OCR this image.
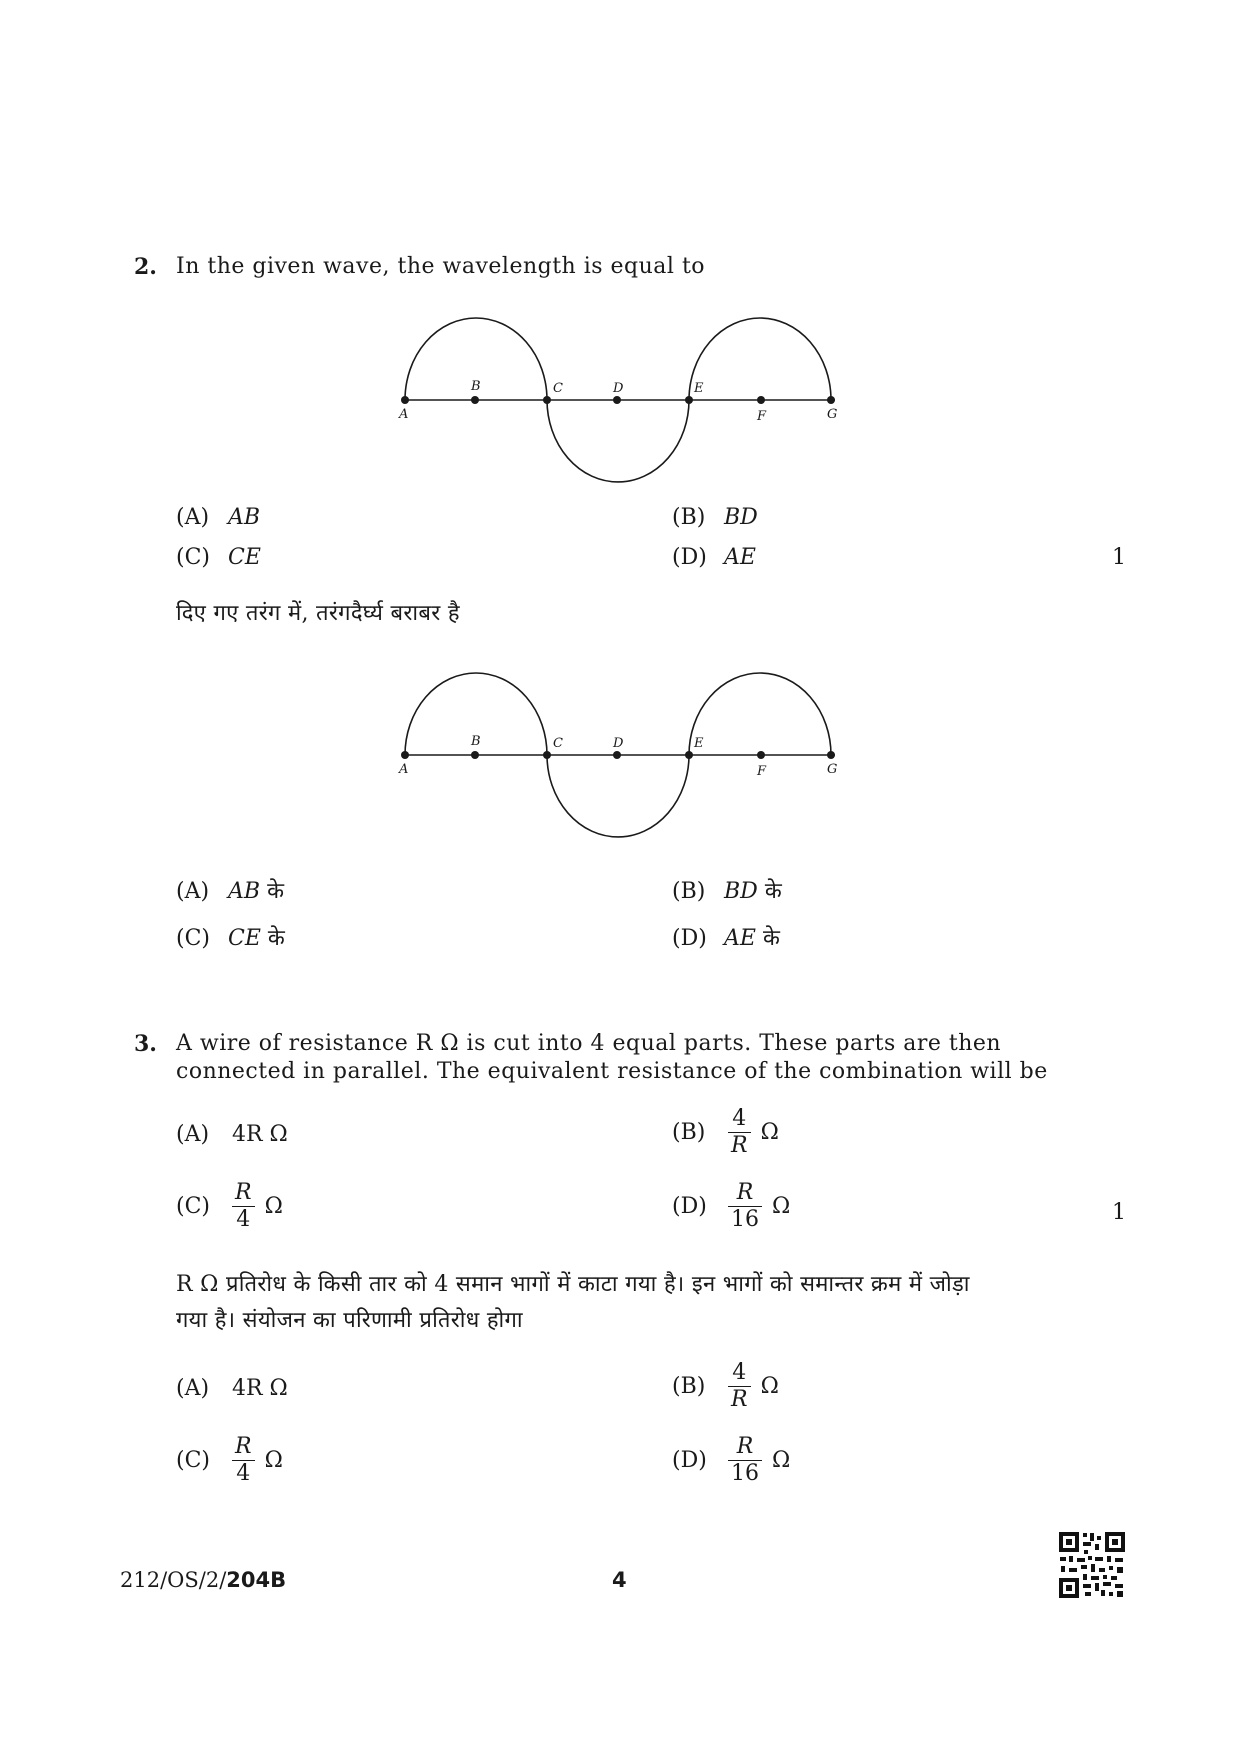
2. In the given wave, the wavelength is equal to
A
B	C	D	E
F	G
(A) AB	(B) BD
(C) CE	(D) AE	1
दिए गए तरंग में, तरंगदैर्घ्य बराबर है
A
B	C	D	E
F	G
(A) AB के	(B) BD के
(C) CE के	(D) AE के
3. A wire of resistance R Ω is cut into 4 equal parts. These parts are then
connected in parallel. The equivalent resistance of the combination will be
(A)	4R Ω	(B)	$\frac{4}{R}$ Ω
(C)	$\frac{R}{4}$ Ω	$(D) \frac{R}{16}$ Ω	1
R Ω प्रतिरोध के किसी तार को 4 समान भागों में काटा गया है। इन भागों को समान्तर क्रम में जोड़ा
गया है। संयोजन का परिणामी प्रतिरोध होगा
(A)	4R Ω	(B)	$\frac{4}{R}$ Ω
(C)	$\frac{R}{4}$ Ω	$(D) \frac{R}{16}$ Ω
212/OS/2/204B	4
